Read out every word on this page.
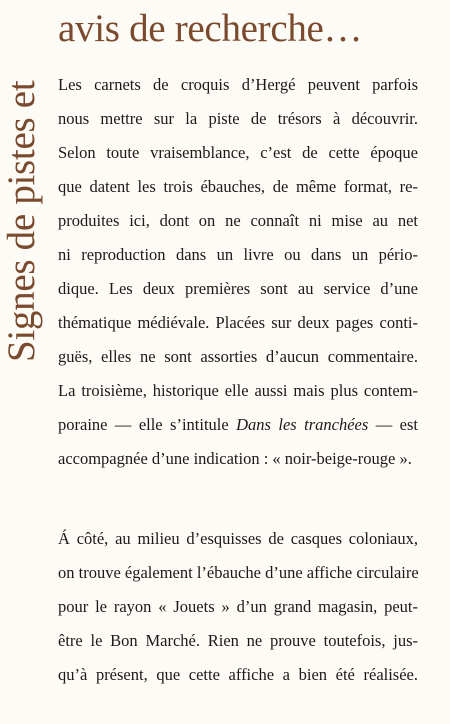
Signes de pistes et
avis de recherche…
Les carnets de croquis d’Hergé peuvent parfois
nous mettre sur la piste de trésors à découvrir.
Selon toute vraisemblance, c’est de cette époque
que datent les trois ébauches, de même format, re-
produites ici, dont on ne connaît ni mise au net
ni reproduction dans un livre ou dans un pério-
dique. Les deux premières sont au service d’une
thématique médiévale. Placées sur deux pages conti-
guës, elles ne sont assorties d’aucun commentaire.
La troisième, historique elle aussi mais plus contem-
poraine — elle s’intitule Dans les tranchées — est
accompagnée d’une indication : « noir-beige-rouge ».
Á côté, au milieu d’esquisses de casques coloniaux,
on trouve également l’ébauche d’une affiche circulaire
pour le rayon « Jouets » d’un grand magasin, peut-
être le Bon Marché. Rien ne prouve toutefois, jus-
qu’à présent, que cette affiche a bien été réalisée.
